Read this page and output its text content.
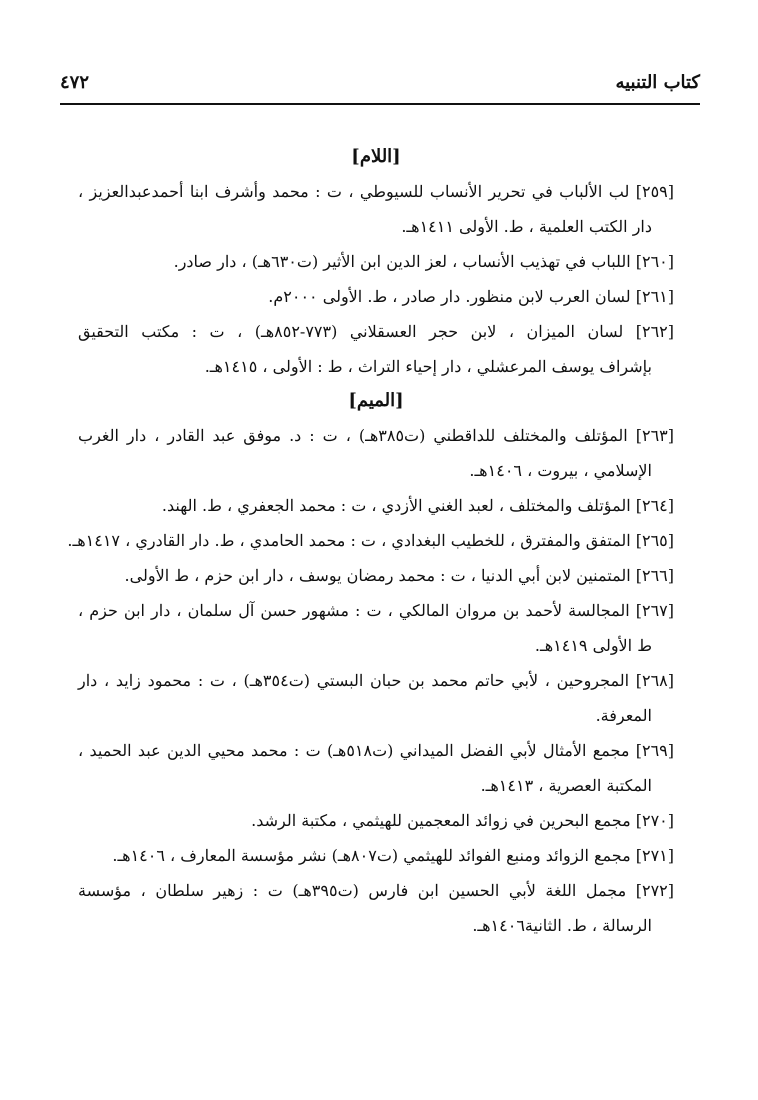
كتاب التنبيه
٤٧٢
[اللام]
[٢٥٩] لب الألباب في تحرير الأنساب للسيوطي ، ت : محمد وأشرف ابنا أحمدعبدالعزيز ،
دار الكتب العلمية ، ط. الأولى ١٤١١هـ.
[٢٦٠] اللباب في تهذيب الأنساب ، لعز الدين ابن الأثير (ت٦٣٠هـ) ، دار صادر.
[٢٦١] لسان العرب لابن منظور. دار صادر ، ط. الأولى ٢٠٠٠م.
[٢٦٢] لسان الميزان ، لابن حجر العسقلاني (٧٧٣-٨٥٢هـ) ، ت : مكتب التحقيق
بإشراف يوسف المرعشلي ، دار إحياء التراث ، ط : الأولى ، ١٤١٥هـ.
[الميم]
[٢٦٣] المؤتلف والمختلف للداقطني (ت٣٨٥هـ) ، ت : د. موفق عبد القادر ، دار الغرب
الإسلامي ، بيروت ، ١٤٠٦هـ.
[٢٦٤] المؤتلف والمختلف ، لعبد الغني الأزدي ، ت : محمد الجعفري ، ط. الهند.
[٢٦٥] المتفق والمفترق ، للخطيب البغدادي ، ت : محمد الحامدي ، ط. دار القادري ، ١٤١٧هـ.
[٢٦٦] المتمنين لابن أبي الدنيا ، ت : محمد رمضان يوسف ، دار ابن حزم ، ط الأولى.
[٢٦٧] المجالسة لأحمد بن مروان المالكي ، ت : مشهور حسن آل سلمان ، دار ابن حزم ،
ط الأولى ١٤١٩هـ.
[٢٦٨] المجروحين ، لأبي حاتم محمد بن حبان البستي (ت٣٥٤هـ) ، ت : محمود زايد ، دار
المعرفة.
[٢٦٩] مجمع الأمثال لأبي الفضل الميداني (ت٥١٨هـ) ت : محمد محيي الدين عبد الحميد ،
المكتبة العصرية ، ١٤١٣هـ.
[٢٧٠] مجمع البحرين في زوائد المعجمين للهيثمي ، مكتبة الرشد.
[٢٧١] مجمع الزوائد ومنبع الفوائد للهيثمي (ت٨٠٧هـ) نشر مؤسسة المعارف ، ١٤٠٦هـ.
[٢٧٢] مجمل اللغة لأبي الحسين ابن فارس (ت٣٩٥هـ) ت : زهير سلطان ، مؤسسة
الرسالة ، ط. الثانية١٤٠٦هـ.
